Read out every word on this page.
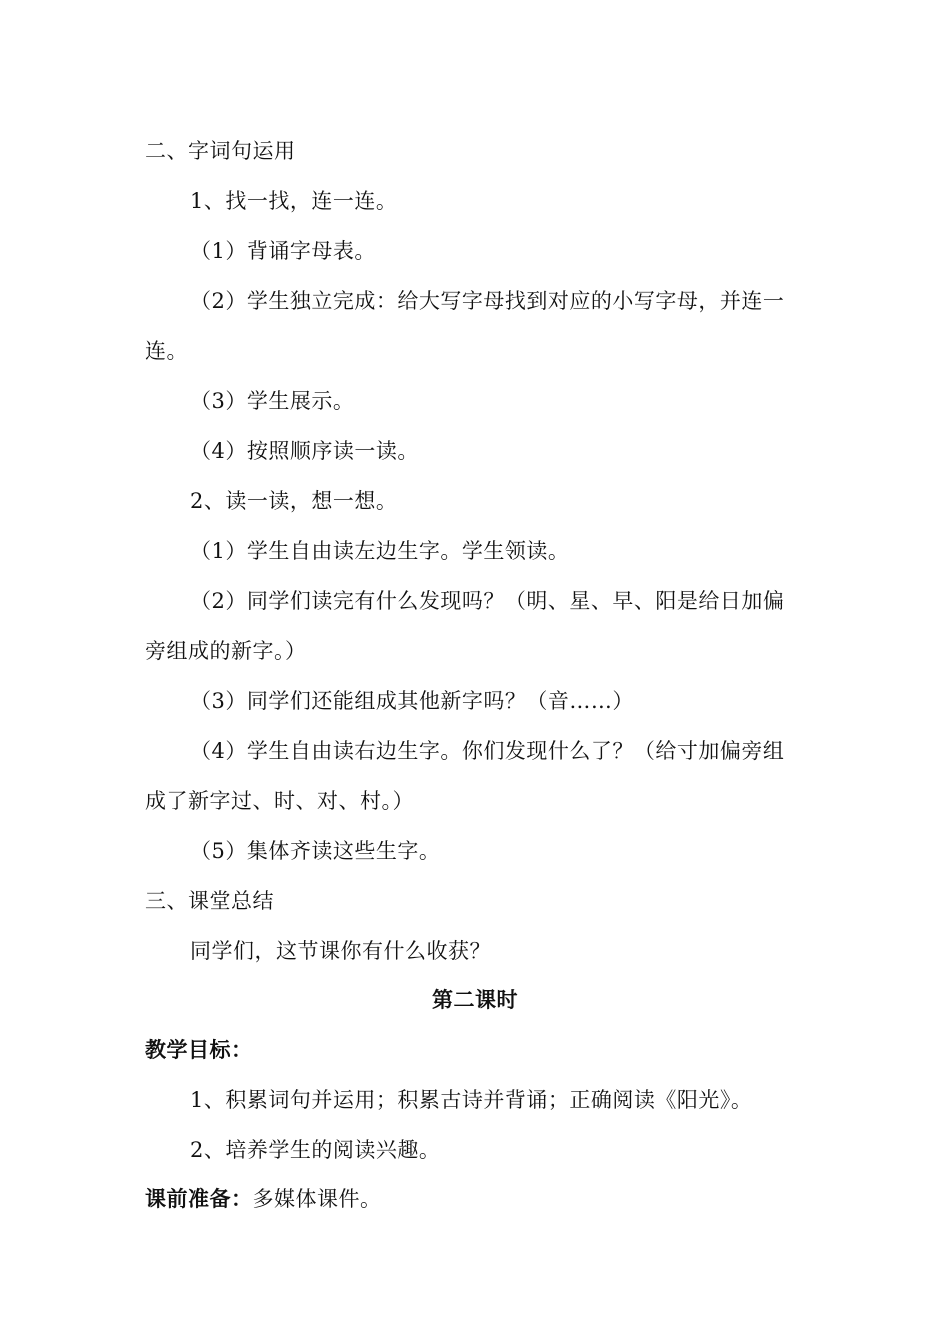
二、字词句运用
1、找一找，连一连。
（1）背诵字母表。
（2）学生独立完成：给大写字母找到对应的小写字母，并连一
连。
（3）学生展示。
（4）按照顺序读一读。
2、读一读，想一想。
（1）学生自由读左边生字。学生领读。
（2）同学们读完有什么发现吗？（明、星、早、阳是给日加偏
旁组成的新字。）
（3）同学们还能组成其他新字吗？（音……）
（4）学生自由读右边生字。你们发现什么了？（给寸加偏旁组
成了新字过、时、对、村。）
（5）集体齐读这些生字。
三、课堂总结
同学们，这节课你有什么收获？
第二课时
教学目标：
1、积累词句并运用；积累古诗并背诵；正确阅读《阳光》。
2、培养学生的阅读兴趣。
课前准备：多媒体课件。
